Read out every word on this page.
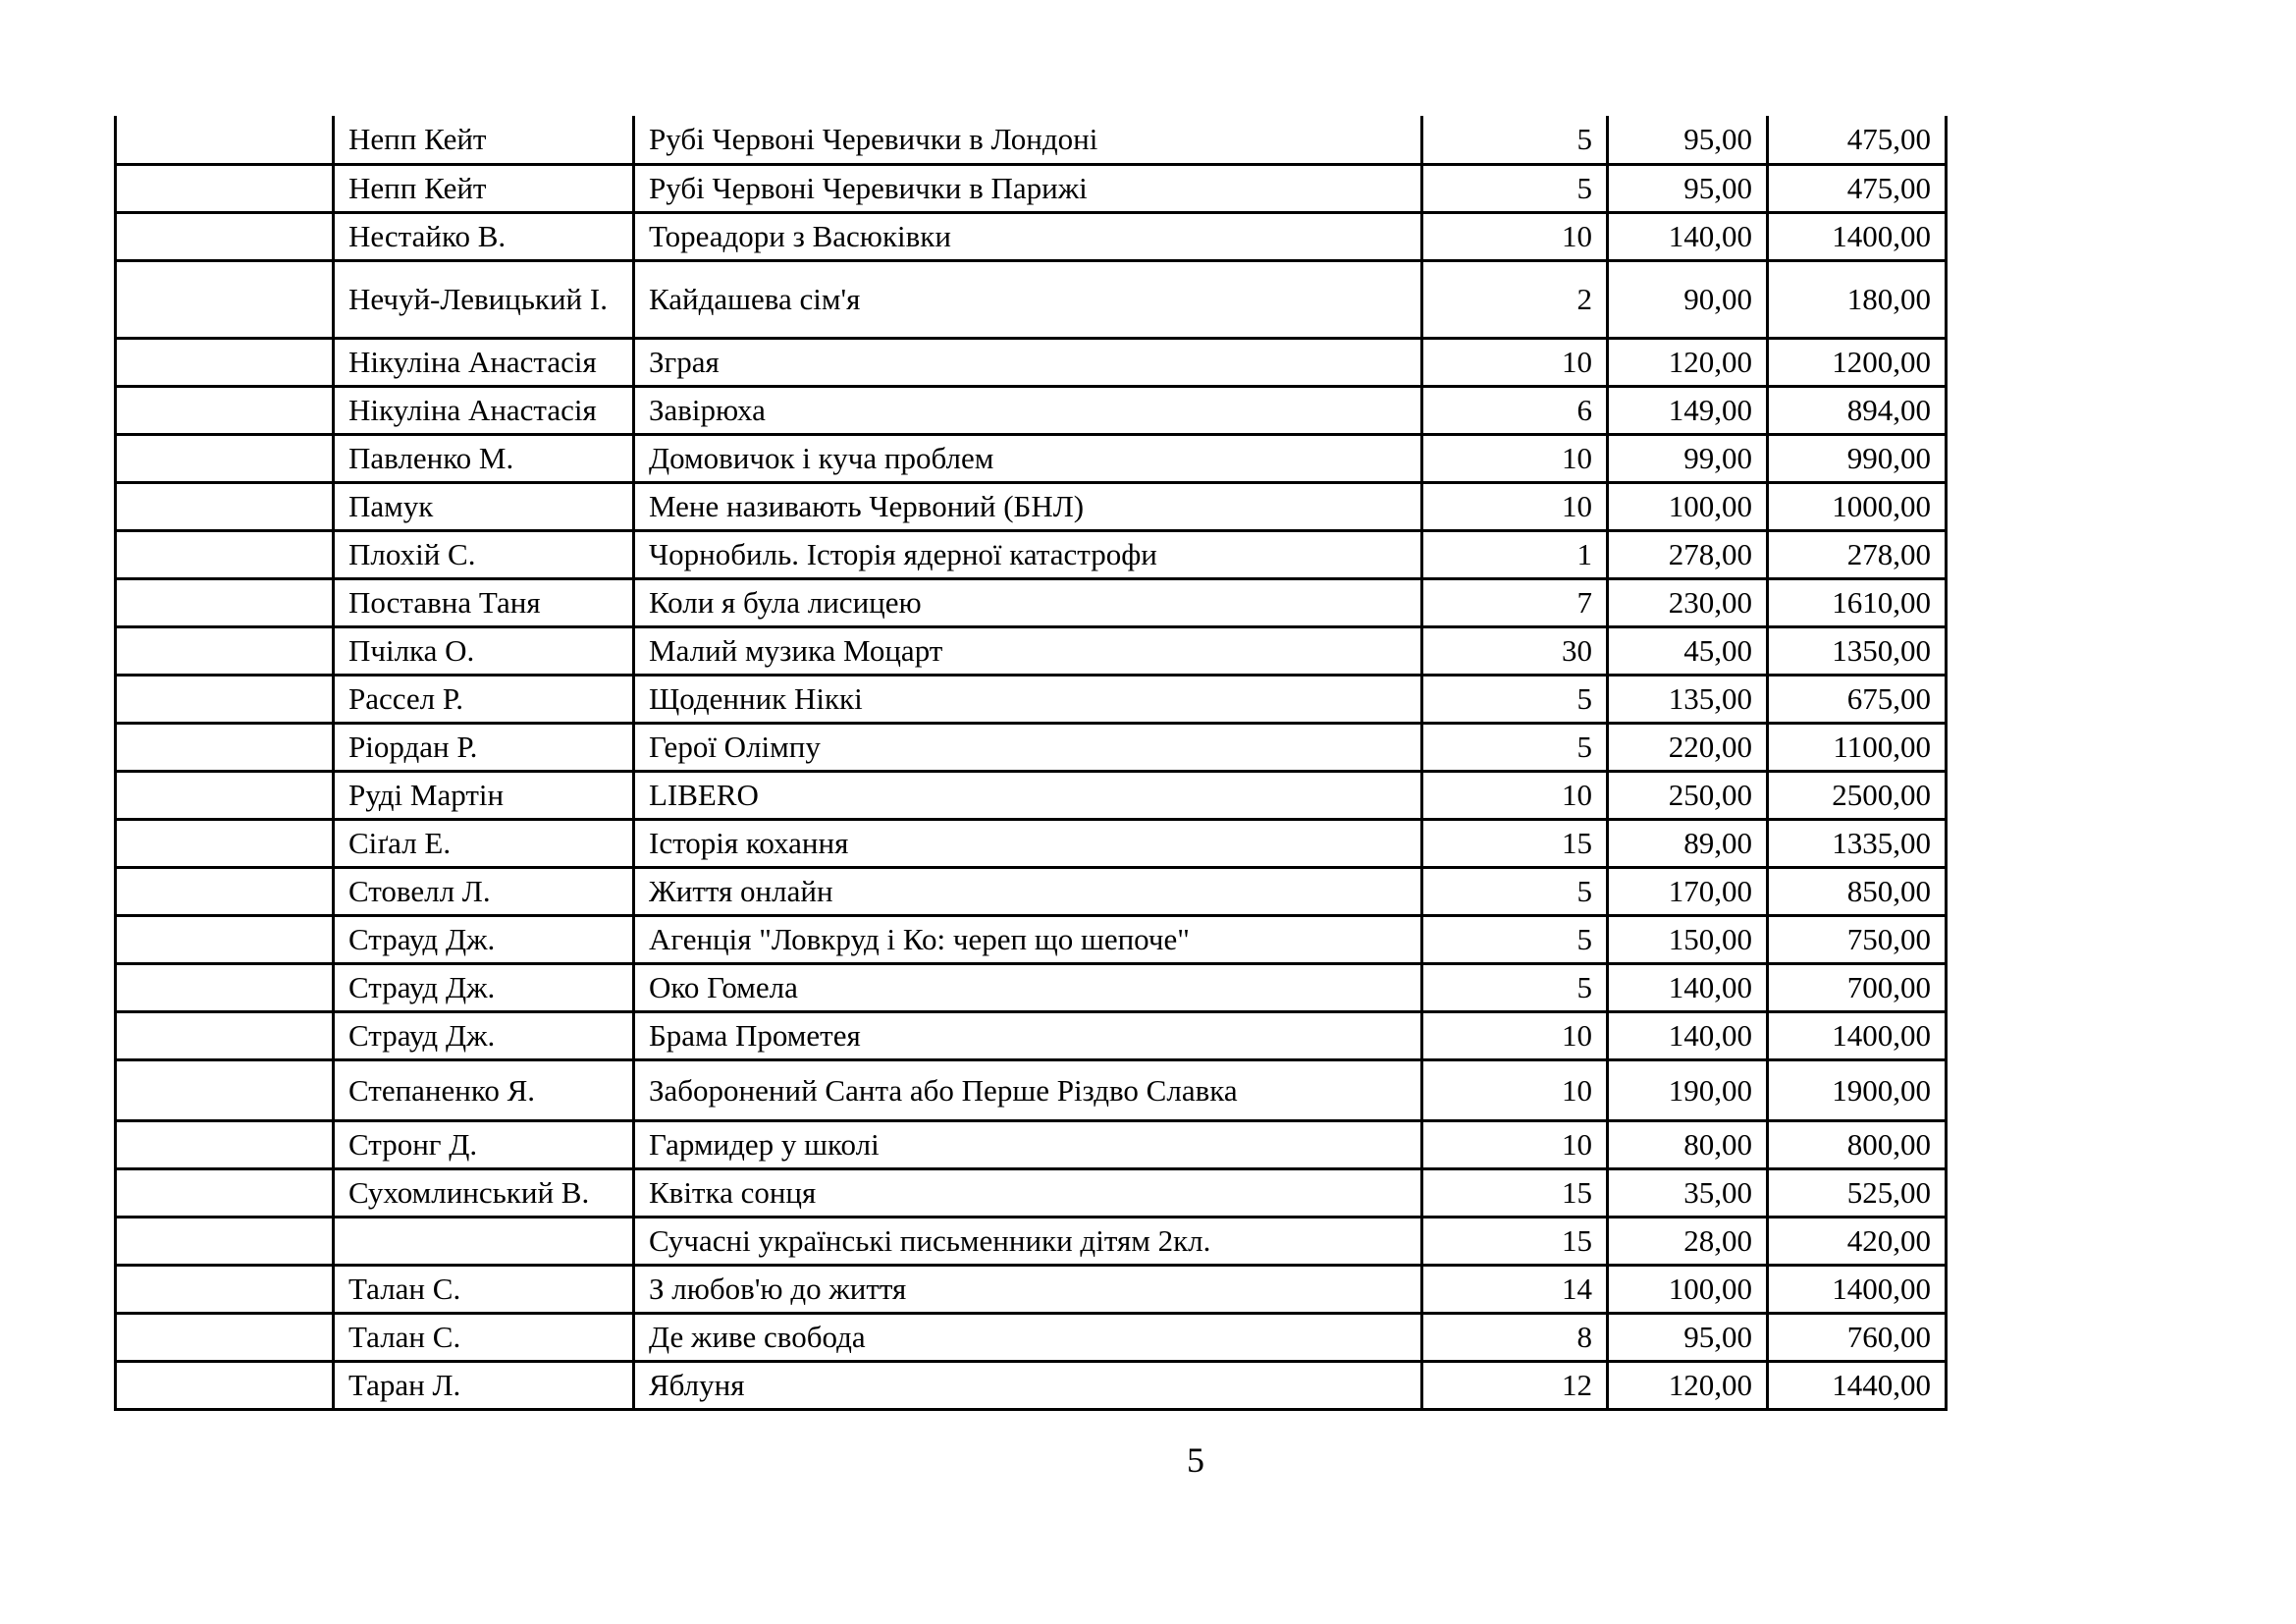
	Непп Кейт	Рубі Червоні Черевички в Лондоні	5	95,00	475,00
	Непп Кейт	Рубі Червоні Черевички в Парижі	5	95,00	475,00
	Нестайко В.	Тореадори з Васюківки	10	140,00	1400,00
	Нечуй-Левицький І.	Кайдашева сім'я	2	90,00	180,00
	Нікуліна Анастасія	Зграя	10	120,00	1200,00
	Нікуліна Анастасія	Завірюха	6	149,00	894,00
	Павленко М.	Домовичок і куча проблем	10	99,00	990,00
	Памук	Мене називають Червоний (БНЛ)	10	100,00	1000,00
	Плохій С.	Чорнобиль. Історія ядерної катастрофи	1	278,00	278,00
	Поставна Таня	Коли я була лисицею	7	230,00	1610,00
	Пчілка О.	Малий музика Моцарт	30	45,00	1350,00
	Рассел Р.	Щоденник Ніккі	5	135,00	675,00
	Ріордан Р.	Герої Олімпу	5	220,00	1100,00
	Руді Мартін	LIBERO	10	250,00	2500,00
	Сіґал Е.	Історія кохання	15	89,00	1335,00
	Стовелл Л.	Життя онлайн	5	170,00	850,00
	Страуд Дж.	Агенція "Ловкруд і Ко: череп що шепоче"	5	150,00	750,00
	Страуд Дж.	Око Гомела	5	140,00	700,00
	Страуд Дж.	Брама Прометея	10	140,00	1400,00
	Степаненко Я.	Заборонений Санта або Перше Різдво Славка	10	190,00	1900,00
	Стронг Д.	Гармидер у школі	10	80,00	800,00
	Сухомлинський В.	Квітка сонця	15	35,00	525,00
		Сучасні українські письменники дітям 2кл.	15	28,00	420,00
	Талан С.	З любов'ю до життя	14	100,00	1400,00
	Талан С.	Де живе свобода	8	95,00	760,00
	Таран Л.	Яблуня	12	120,00	1440,00
5
